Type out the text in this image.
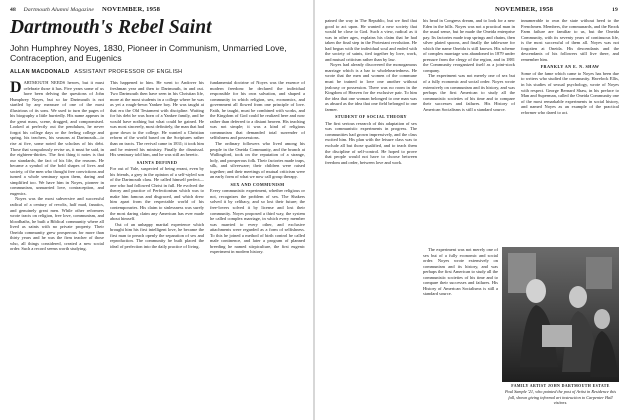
48 Dartmouth Alumni Magazine NOVEMBER, 1958
Dartmouth's Rebel Saint
John Humphrey Noyes, 1830, Pioneer in Communism, Unmarried Love, Contraception, and Eugenics
ALLAN MACDONALD ASSISTANT PROFESSOR OF ENGLISH

DARTMOUTH NEEDS heroes, but it must celebrate those it has. Five years some of us have been delving the questions of John Humphrey Noyes, but so far Dartmouth is not startled by any measure of one of the most illustrious of its sons. We used to turn the pages of his biography a little hurriedly. His name appears in the great mass, scene, dragged, and compromised. Looked at perfectly out the pendulum, he never forgot his college days or the feeling college and spring, his teachers, his seasons at Dartmouth—to rise at five, some noted the scholars of his debt. Those that scrupulously revise us, it must be said, in the eighteen-thirties. The first thing it notes is that our standards, the fact of his life, the reasons. He became a symbol of the bold shapes of lives and society, of the men who thought free convictions and turned a whole seminary upon them, daring and simplified too. We have him in Noyes, pioneer in communism, unmarried love, contraception, and eugenics.

Noyes was the most subversive and successful radical of a century of revolts, half mad, fanatics, and genuinely great men. While other reformers wrote tracts on religion, free love, communism, and bloodbaths, he built a Biblical community where all lived as saints with no private property. Their Oneida community grew prosperous for more than thirty years and he was the firm teacher of those who, all things considered, created a new social order. Such a record seems worth studying.

This happened to him. He went to Andover his freshman year and then to Dartmouth, in and out. Two Dartmouth then have seen in his Christian life, more at the most students in a college where he was as yet a rough-hewn Yankee boy. He was taught at that era the Old Testament with discipline. Waiting for his debt he was born of a Yankee family, and he would have nothing but what could be gained. He was most sincerely, most definitely, the man that had gone down to the college. He wanted a Christian reform of the world based on the Scriptures rather than on tracts. The revival came in 1831; it took him and he entered his ministry. Finally the dismissal. His seminary told him, and he was still an heretic.

SAINTS DEFINED

For out of Yale, suspected of being errant, even by his friends, a grey in the opinion of a self-styled son of the Dartmouth class. He called himself perfect—one who had followed Christ in full. He evolved the theory and practice of Perfectionism which was to make him famous and disgraced, and which drew him apart from the respectable world of his contemporaries. His claim to sinlessness was surely the most daring claim any American has ever made about himself.

Out of an unhappy marital experience which brought him his first intelligent love, he became the first man to preach openly the separation of sex and reproduction. The community he built placed the ideal of perfection into the daily practice of living.

fundamental doctrine of Noyes was the essence of modern freedom: he declared the individual responsible for his own salvation, and shaped a community in which religion, sex, economics, and government all flowed from one principle of love. Faith, he taught, must be combined with works, and the Kingdom of God could be realized here and now rather than deferred to a distant heaven. His teaching was not simple; it was a kind of religious communism that demanded total surrender of selfishness and possessions.

The ordinary followers who lived among his people in the Oneida Community, and the branch at Wallingford, took on the reputation of a strange, holy, and prosperous folk. Their factories made traps, silk, and silverware; their children were raised together; and their meetings of mutual criticism were an early form of what we now call group therapy.

SEX AND COMMUNISM

Every communistic experiment, whether religious or not, recognizes the problem of sex. The Shakers solved it by celibacy, and so lost their future; the free-lovers solved it by license and lost their community. Noyes proposed a third way, the system he called complex marriage, in which every member was married to every other, and exclusive attachments were regarded as a form of selfishness. To this he joined a method of birth control he called male continence, and later a program of planned breeding he named stirpiculture, the first eugenic experiment in modern history.

NOVEMBER, 1958	19

pained the way in The Republic, but we find that good to act upon. He wanted a new society that would be close to God. Such a view, radical as it was in other ages, explains his claim that he had taken the final step in the Protestant revolution. He had begun with the individual soul and ended with the society of saints, tied together by love, work, and mutual criticism rather than by law.

Noyes had already discovered the monogamous marriage which is a bar to wholeheartedness. He wrote that the men and women of the commune must be trained to love one another without jealousy or possession. There was no room in the Kingdom of Heaven for the exclusive pair. To him the idea that one woman belonged to one man was as absurd as the idea that one field belonged to one farmer.

STUDENT OF SOCIAL THEORY

The first serious research of this adaptation of sex was communistic experiments in progress. The communities had grown impressively, and the class excited him. His plan with the leisure class was to exclude all but those qualified, and to teach them the discipline of self-control. He hoped to prove that people would not have to choose between freedom and order, between love and work.

his head in Congress dream, and to look for a new Eden in the hills. Noyes was not a practical man in the usual sense, but he made the Oneida enterprise pay. Its factories made trap springs and chains, then silver plated spoons, and finally the tableware for which the name Oneida is still known. His scheme of complex marriage was abandoned in 1879 under pressure from the clergy of the region, and in 1881 the Community reorganized itself as a joint-stock company.

The experiment was not merely one of sex but of a fully economic and social order. Noyes wrote extensively on communism and its history, and was perhaps the first American to study all the communistic societies of his time and to compare their successes and failures. His History of American Socialisms is still a standard source.

innumerable to own the state without heed to the Frenchmen. Members, the communards, and the Brook Farm failure are familiar to us, but the Oneida Community, with its seventy years of continuous life, is the most successful of them all. Noyes was not forgotten at Oneida. His descendants and the descendants of his followers still live there, and remember him.

FRANKLY AN E. N. SHAW

Some of the fame which came to Noyes has been due to writers who studied the community. Havelock Ellis, in his studies of sexual psychology, wrote of Noyes with respect. George Bernard Shaw, in his preface to Man and Superman, called the Oneida Community one of the most remarkable experiments in social history, and named Noyes as an example of the practical reformer who dared to act.

The experiment was not merely one of sex but of a fully economic and social order. Noyes wrote extensively on communism and its history, and was perhaps the first American to study all the communistic societies of his time and to compare their successes and failures. His History of American Socialisms is still a standard source.

FAMILY ARTIST JOHN DARTMOUTH ESTATE
Paul Sample '21, who painted the post of Artist in Residence this fall, shown giving informal art instruction to Carpenter Hall visitors.
